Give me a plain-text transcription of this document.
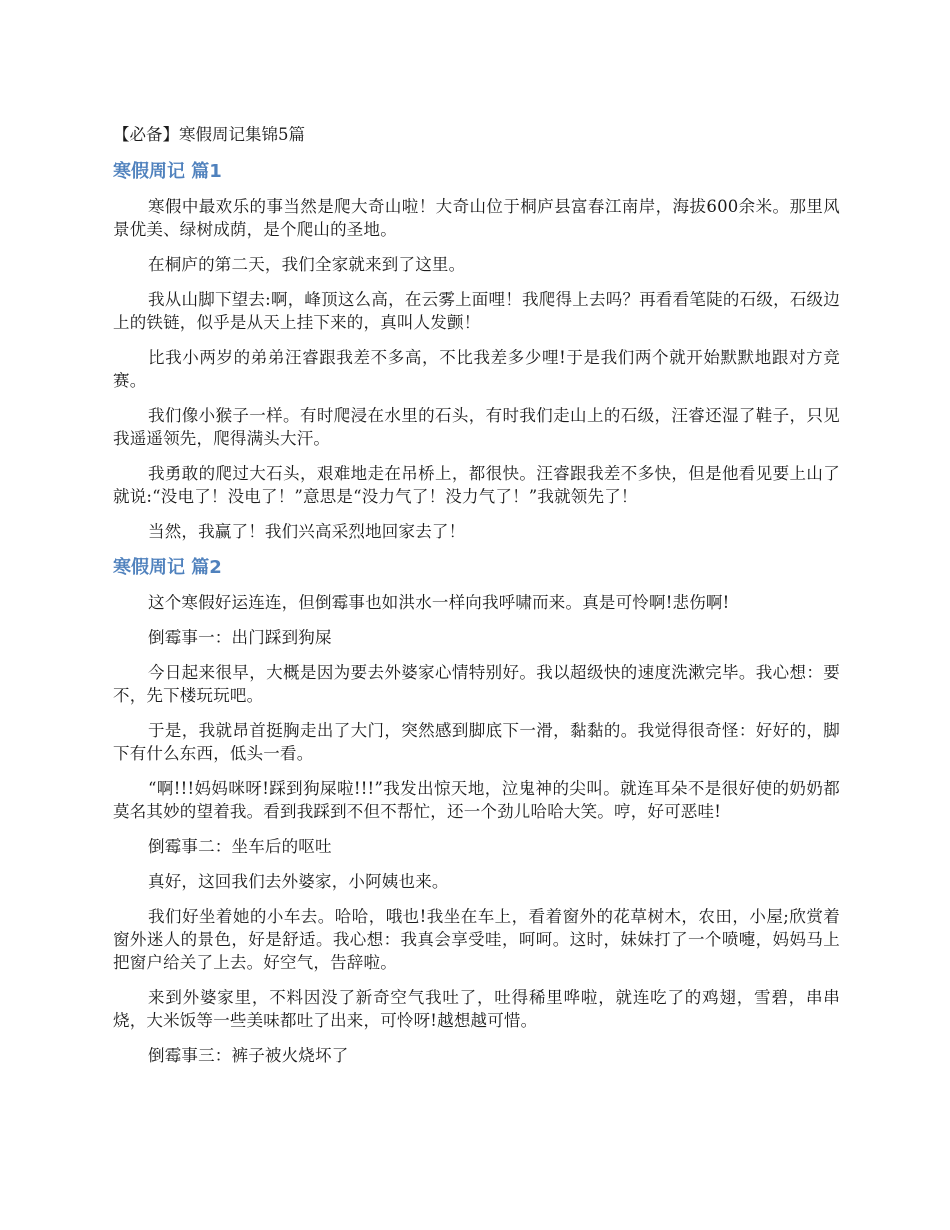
【必备】寒假周记集锦5篇
寒假周记 篇1

寒假中最欢乐的事当然是爬大奇山啦！大奇山位于桐庐县富春江南岸，海拔600余米。那里风景优美、绿树成荫，是个爬山的圣地。

在桐庐的第二天，我们全家就来到了这里。

我从山脚下望去:啊，峰顶这么高，在云雾上面哩！我爬得上去吗？再看看笔陡的石级，石级边上的铁链，似乎是从天上挂下来的，真叫人发颤！

比我小两岁的弟弟汪睿跟我差不多高，不比我差多少哩!于是我们两个就开始默默地跟对方竞赛。

我们像小猴子一样。有时爬浸在水里的石头，有时我们走山上的石级，汪睿还湿了鞋子，只见我遥遥领先，爬得满头大汗。

我勇敢的爬过大石头，艰难地走在吊桥上，都很快。汪睿跟我差不多快，但是他看见要上山了就说:“没电了！没电了！”意思是“没力气了！没力气了！”我就领先了！

当然，我赢了！我们兴高采烈地回家去了！

寒假周记 篇2

这个寒假好运连连，但倒霉事也如洪水一样向我呼啸而来。真是可怜啊!悲伤啊!

倒霉事一：出门踩到狗屎

今日起来很早，大概是因为要去外婆家心情特别好。我以超级快的速度洗漱完毕。我心想：要不，先下楼玩玩吧。

于是，我就昂首挺胸走出了大门，突然感到脚底下一滑，黏黏的。我觉得很奇怪：好好的，脚下有什么东西，低头一看。

“啊!!!妈妈咪呀!踩到狗屎啦!!!”我发出惊天地，泣鬼神的尖叫。就连耳朵不是很好使的奶奶都莫名其妙的望着我。看到我踩到不但不帮忙，还一个劲儿哈哈大笑。哼，好可恶哇!

倒霉事二：坐车后的呕吐

真好，这回我们去外婆家，小阿姨也来。

我们好坐着她的小车去。哈哈，哦也!我坐在车上，看着窗外的花草树木，农田，小屋;欣赏着窗外迷人的景色，好是舒适。我心想：我真会享受哇，呵呵。这时，妹妹打了一个喷嚏，妈妈马上把窗户给关了上去。好空气，告辞啦。

来到外婆家里，不料因没了新奇空气我吐了，吐得稀里哗啦，就连吃了的鸡翅，雪碧，串串烧，大米饭等一些美味都吐了出来，可怜呀!越想越可惜。

倒霉事三：裤子被火烧坏了
